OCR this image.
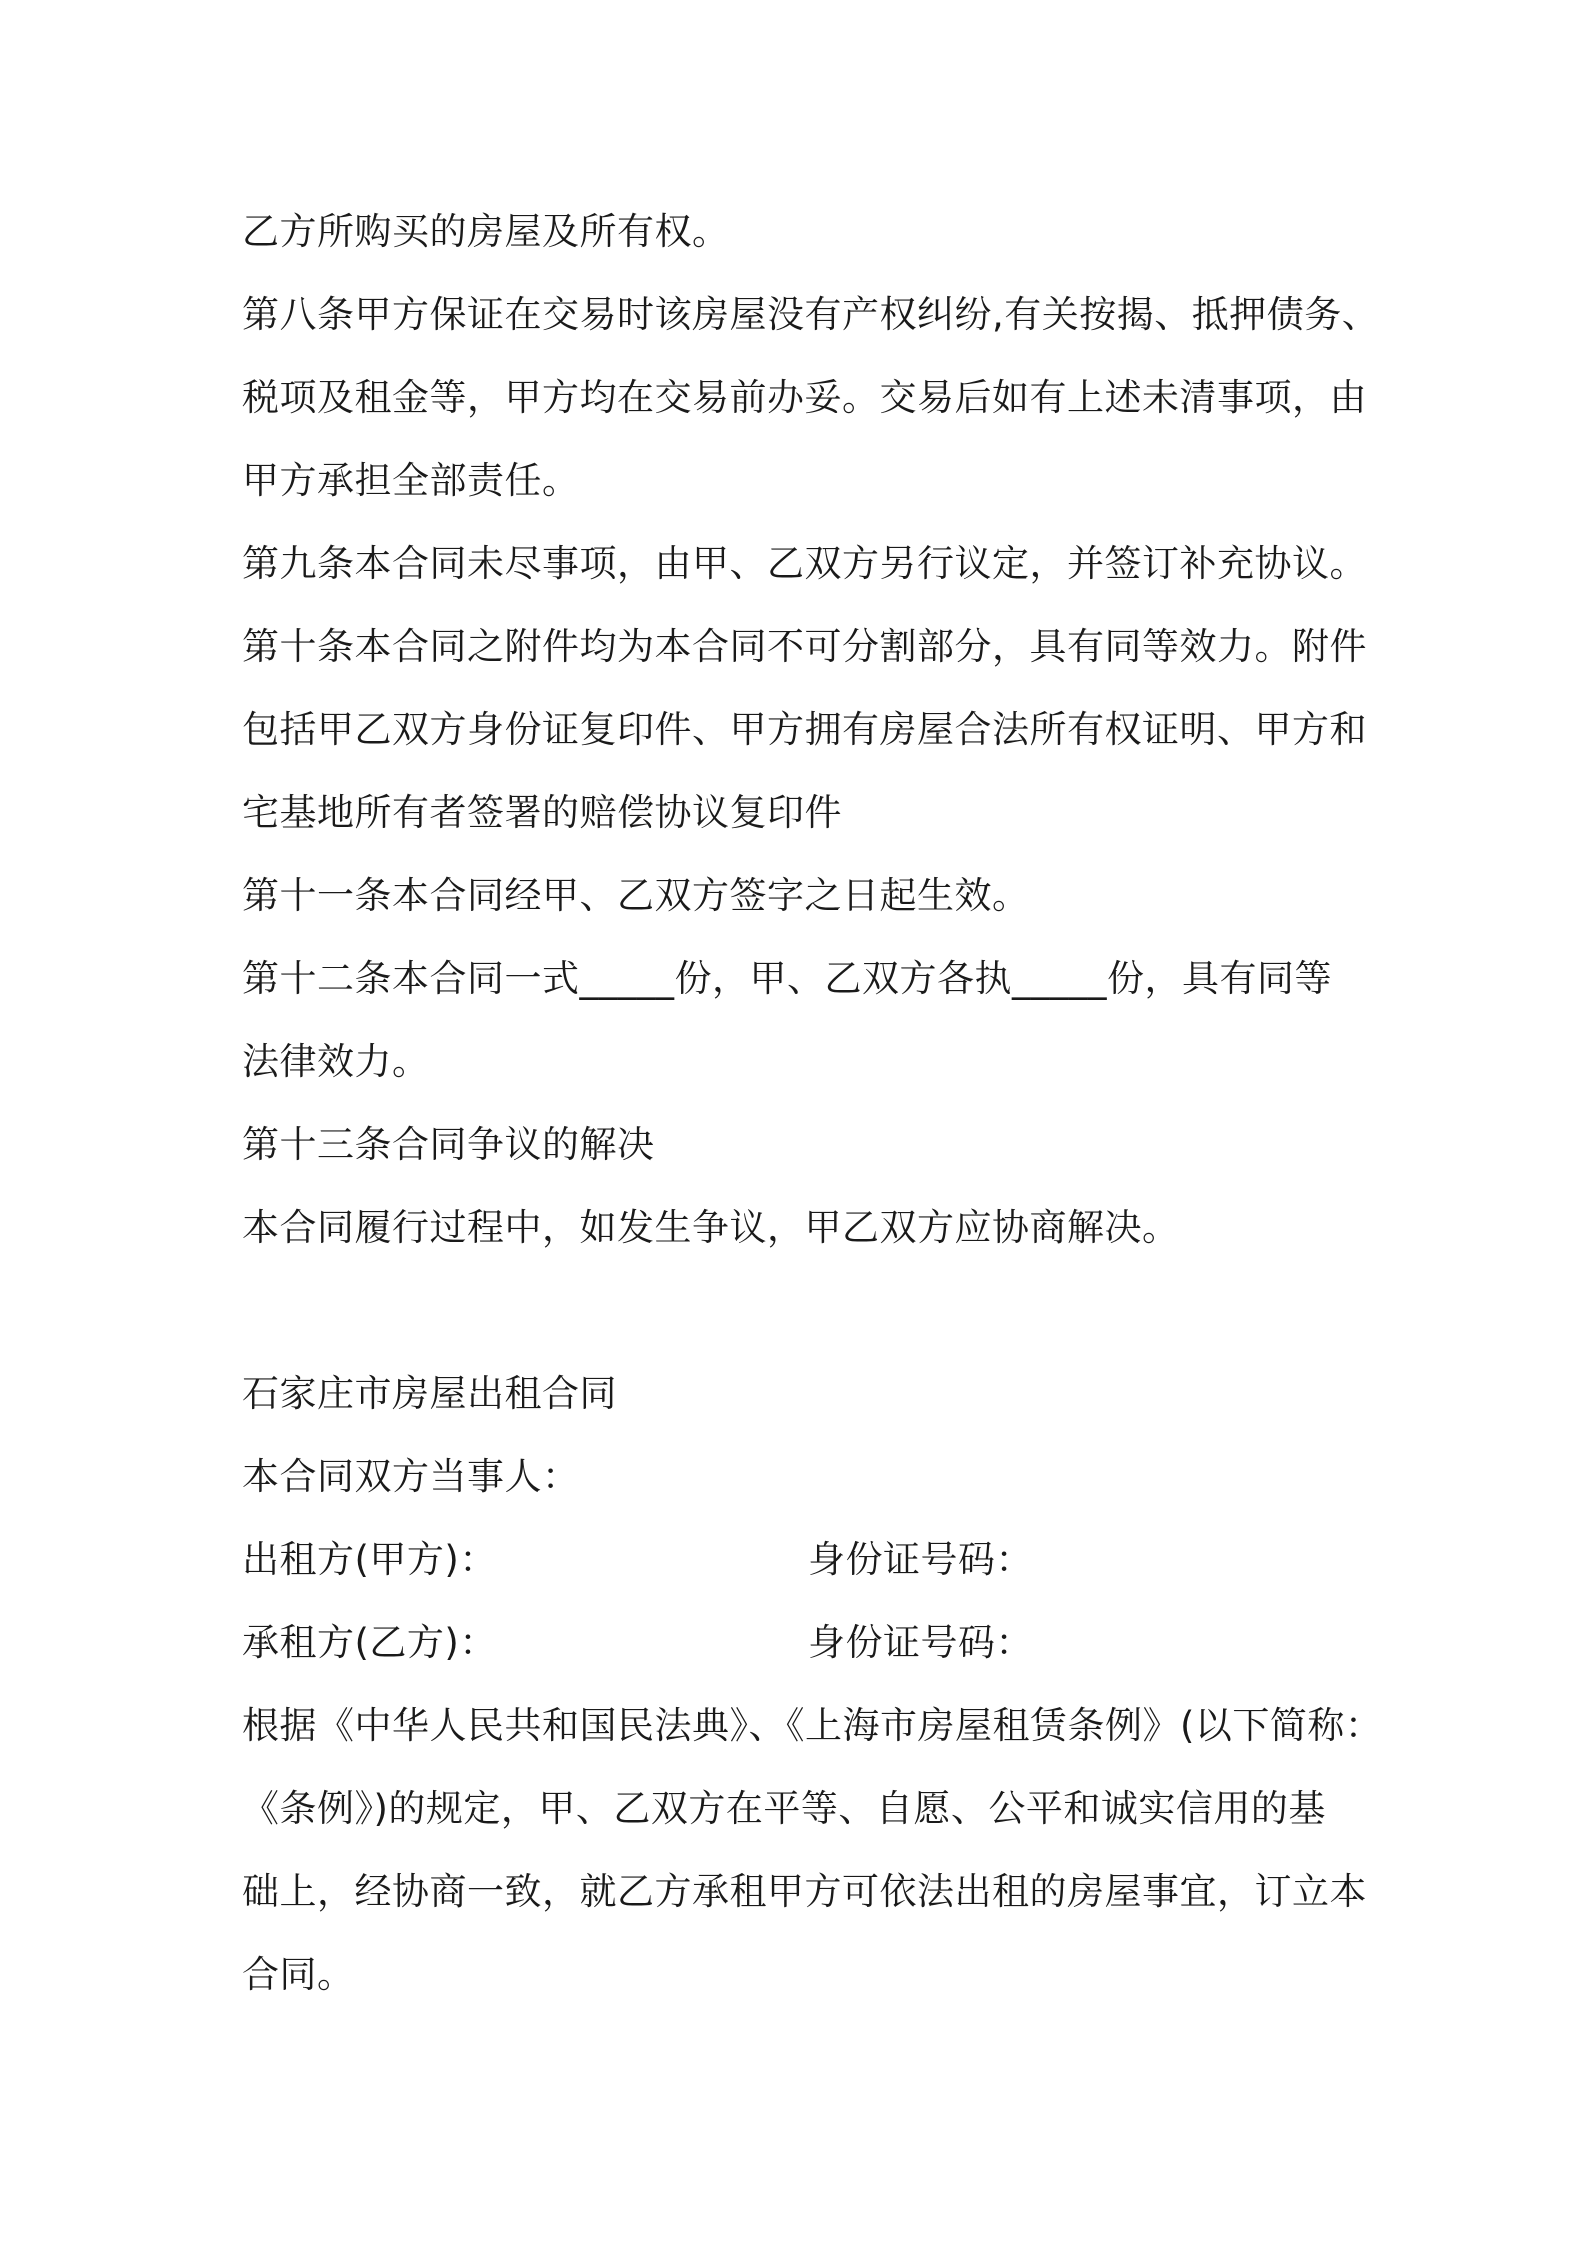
乙方所购买的房屋及所有权。
第八条甲方保证在交易时该房屋没有产权纠纷,有关按揭、抵押债务、
税项及租金等，甲方均在交易前办妥。交易后如有上述未清事项，由
甲方承担全部责任。
第九条本合同未尽事项，由甲、乙双方另行议定，并签订补充协议。
第十条本合同之附件均为本合同不可分割部分，具有同等效力。附件
包括甲乙双方身份证复印件、甲方拥有房屋合法所有权证明、甲方和
宅基地所有者签署的赔偿协议复印件
第十一条本合同经甲、乙双方签字之日起生效。
第十二条本合同一式_____份，甲、乙双方各执_____份，具有同等
法律效力。
第十三条合同争议的解决
本合同履行过程中，如发生争议，甲乙双方应协商解决。
石家庄市房屋出租合同
本合同双方当事人：
出租方(甲方)：	身份证号码：
承租方(乙方)：	身份证号码：
根据《中华人民共和国民法典》、《上海市房屋租赁条例》(以下简称：
《条例》)的规定，甲、乙双方在平等、自愿、公平和诚实信用的基
础上，经协商一致，就乙方承租甲方可依法出租的房屋事宜，订立本
合同。
